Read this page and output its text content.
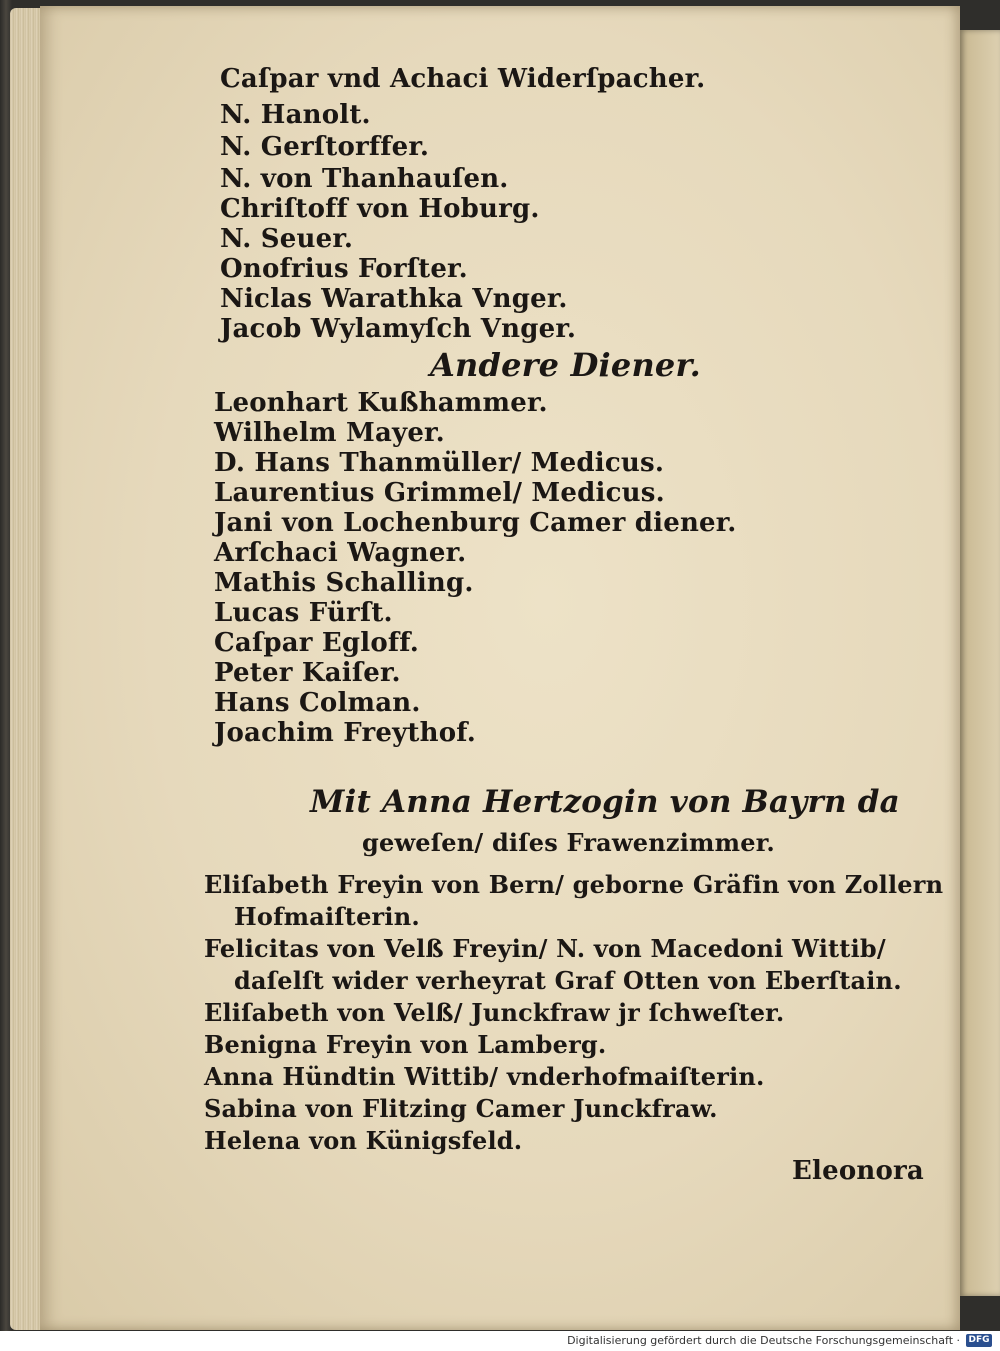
Caſpar vnd Achaci Widerſpacher.
N. Hanolt.
N. Gerſtorffer.
N. von Thanhauſen.
Chriſtoff von Hoburg.
N. Seuer.
Onofrius Forſter.
Niclas Warathka Vnger.
Jacob Wylamyſch Vnger.
Andere Diener.
Leonhart Kußhammer.
Wilhelm Mayer.
D. Hans Thanmüller/ Medicus.
Laurentius Grimmel/ Medicus.
Jani von Lochenburg Camer diener.
Arſchaci Wagner.
Mathis Schalling.
Lucas Fürſt.
Caſpar Egloff.
Peter Kaiſer.
Hans Colman.
Joachim Freythof.
Mit Anna Hertzogin von Bayrn da
geweſen/ diſes Frawenzimmer.
Eliſabeth Freyin von Bern/ geborne Gräfin von Zollern
Hofmaiſterin.
Felicitas von Velß Freyin/ N. von Macedoni Wittib/
daſelſt wider verheyrat Graf Otten von Eberſtain.
Eliſabeth von Velß/ Junckfraw jr ſchweſter.
Benigna Freyin von Lamberg.
Anna Hündtin Wittib/ vnderhofmaiſterin.
Sabina von Flitzing Camer Junckfraw.
Helena von Künigsfeld.
Eleonora
Digitalisierung gefördert durch die Deutsche Forschungsgemeinschaft · DFG
